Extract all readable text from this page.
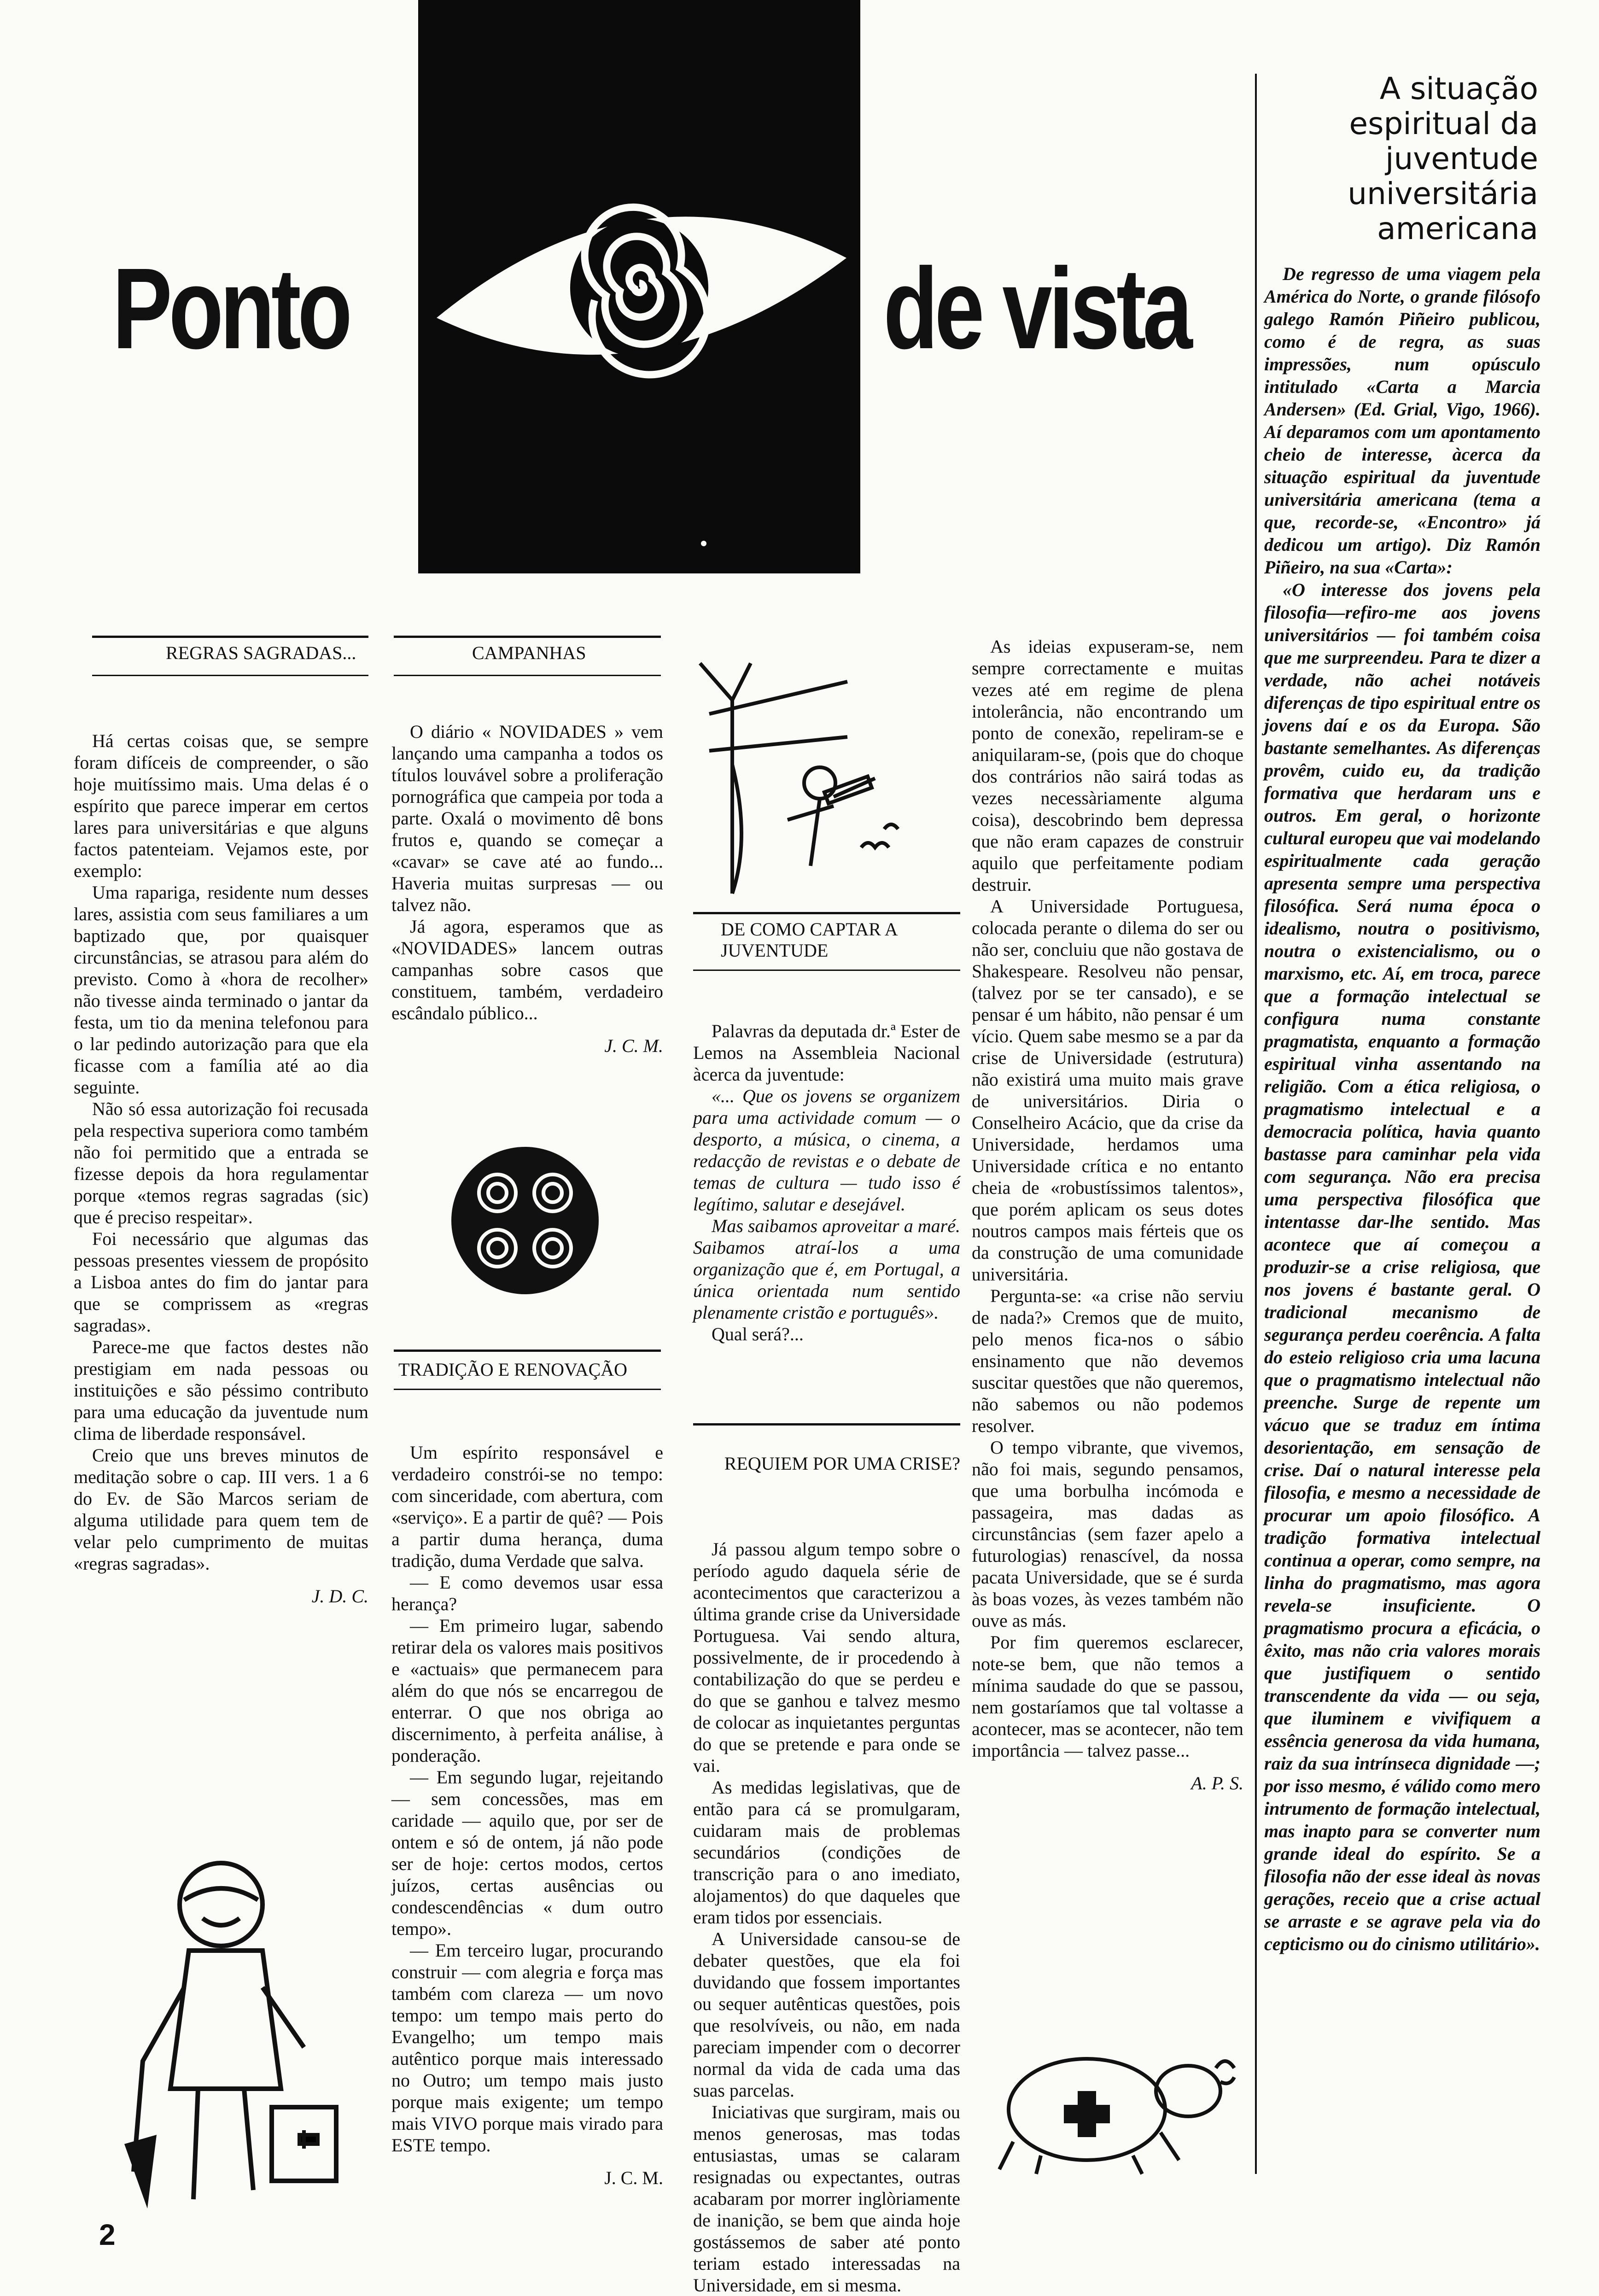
Ponto	de vista
A situação espiritual da juventude universitária americana

De regresso de uma viagem pela América do Norte, o grande filósofo galego Ramón Piñeiro publicou, como é de regra, as suas impressões, num opúsculo intitulado «Carta a Marcia Andersen» (Ed. Grial, Vigo, 1966). Aí deparamos com um apontamento cheio de interesse, àcerca da situação espiritual da juventude universitária americana (tema a que, recorde-se, «Encontro» já dedicou um artigo). Diz Ramón Piñeiro, na sua «Carta»:

«O interesse dos jovens pela filosofia—refiro-me aos jovens universitários — foi também coisa que me surpreendeu. Para te dizer a verdade, não achei notáveis diferenças de tipo espiritual entre os jovens daí e os da Europa. São bastante semelhantes. As diferenças provêm, cuido eu, da tradição formativa que herdaram uns e outros. Em geral, o horizonte cultural europeu que vai modelando espiritualmente cada geração apresenta sempre uma perspectiva filosófica. Será numa época o idealismo, noutra o positivismo, noutra o existencialismo, ou o marxismo, etc. Aí, em troca, parece que a formação intelectual se configura numa constante pragmatista, enquanto a formação espiritual vinha assentando na religião. Com a ética religiosa, o pragmatismo intelectual e a democracia política, havia quanto bastasse para caminhar pela vida com segurança. Não era precisa uma perspectiva filosófica que intentasse dar-lhe sentido. Mas acontece que aí começou a produzir-se a crise religiosa, que nos jovens é bastante geral. O tradicional mecanismo de segurança perdeu coerência. A falta do esteio religioso cria uma lacuna que o pragmatismo intelectual não preenche. Surge de repente um vácuo que se traduz em íntima desorientação, em sensação de crise. Daí o natural interesse pela filosofia, e mesmo a necessidade de procurar um apoio filosófico. A tradição formativa intelectual continua a operar, como sempre, na linha do pragmatismo, mas agora revela-se insuficiente. O pragmatismo procura a eficácia, o êxito, mas não cria valores morais que justifiquem o sentido transcendente da vida — ou seja, que iluminem e vivifiquem a essência generosa da vida humana, raiz da sua intrínseca dignidade —; por isso mesmo, é válido como mero intrumento de formação intelectual, mas inapto para se converter num grande ideal do espírito. Se a filosofia não der esse ideal às novas gerações, receio que a crise actual se arraste e se agrave pela via do cepticismo ou do cinismo utilitário».

REGRAS SAGRADAS...

Há certas coisas que, se sempre foram difíceis de compreender, o são hoje muitíssimo mais. Uma delas é o espírito que parece imperar em certos lares para universitárias e que alguns factos patenteiam. Vejamos este, por exemplo:

Uma rapariga, residente num desses lares, assistia com seus familiares a um baptizado que, por quaisquer circunstâncias, se atrasou para além do previsto. Como à «hora de recolher» não tivesse ainda terminado o jantar da festa, um tio da menina telefonou para o lar pedindo autorização para que ela ficasse com a família até ao dia seguinte.

Não só essa autorização foi recusada pela respectiva superiora como também não foi permitido que a entrada se fizesse depois da hora regulamentar porque «temos regras sagradas (sic) que é preciso respeitar».

Foi necessário que algumas das pessoas presentes viessem de propósito a Lisboa antes do fim do jantar para que se comprissem as «regras sagradas».

Parece-me que factos destes não prestigiam em nada pessoas ou instituições e são péssimo contributo para uma educação da juventude num clima de liberdade responsável.

Creio que uns breves minutos de meditação sobre o cap. III vers. 1 a 6 do Ev. de São Marcos seriam de alguma utilidade para quem tem de velar pelo cumprimento de muitas «regras sagradas».

J. D. C.

CAMPANHAS

O diário « NOVIDADES » vem lançando uma campanha a todos os títulos louvável sobre a proliferação pornográfica que campeia por toda a parte. Oxalá o movimento dê bons frutos e, quando se começar a «cavar» se cave até ao fundo... Haveria muitas surpresas — ou talvez não.

Já agora, esperamos que as «NOVIDADES» lancem outras campanhas sobre casos que constituem, também, verdadeiro escândalo público...

J. C. M.

TRADIÇÃO E RENOVAÇÃO

Um espírito responsável e verdadeiro constrói-se no tempo: com sinceridade, com abertura, com «serviço». E a partir de quê? — Pois a partir duma herança, duma tradição, duma Verdade que salva.

— E como devemos usar essa herança?

— Em primeiro lugar, sabendo retirar dela os valores mais positivos e «actuais» que permanecem para além do que nós se encarregou de enterrar. O que nos obriga ao discernimento, à perfeita análise, à ponderação.

— Em segundo lugar, rejeitando — sem concessões, mas em caridade — aquilo que, por ser de ontem e só de ontem, já não pode ser de hoje: certos modos, certos juízos, certas ausências ou condescendências « dum outro tempo».

— Em terceiro lugar, procurando construir — com alegria e força mas também com clareza — um novo tempo: um tempo mais perto do Evangelho; um tempo mais autêntico porque mais interessado no Outro; um tempo mais justo porque mais exigente; um tempo mais VIVO porque mais virado para ESTE tempo.

J. C. M.

DE COMO CAPTAR A JUVENTUDE

Palavras da deputada dr.ª Ester de Lemos na Assembleia Nacional àcerca da juventude:

«... Que os jovens se organizem para uma actividade comum — o desporto, a música, o cinema, a redacção de revistas e o debate de temas de cultura — tudo isso é legítimo, salutar e desejável.

Mas saibamos aproveitar a maré. Saibamos atraí-los a uma organização que é, em Portugal, a única orientada num sentido plenamente cristão e português».

Qual será?...

REQUIEM POR UMA CRISE?

Já passou algum tempo sobre o período agudo daquela série de acontecimentos que caracterizou a última grande crise da Universidade Portuguesa. Vai sendo altura, possivelmente, de ir procedendo à contabilização do que se perdeu e do que se ganhou e talvez mesmo de colocar as inquietantes perguntas do que se pretende e para onde se vai.

As medidas legislativas, que de então para cá se promulgaram, cuidaram mais de problemas secundários (condições de transcrição para o ano imediato, alojamentos) do que daqueles que eram tidos por essenciais.

A Universidade cansou-se de debater questões, que ela foi duvidando que fossem importantes ou sequer autênticas questões, pois que resolvíveis, ou não, em nada pareciam impender com o decorrer normal da vida de cada uma das suas parcelas.

Iniciativas que surgiram, mais ou menos generosas, mas todas entusiastas, umas se calaram resignadas ou expectantes, outras acabaram por morrer inglòriamente de inanição, se bem que ainda hoje gostássemos de saber até ponto teriam estado interessadas na Universidade, em si mesma.

As ideias expuseram-se, nem sempre correctamente e muitas vezes até em regime de plena intolerância, não encontrando um ponto de conexão, repeliram-se e aniquilaram-se, (pois que do choque dos contrários não sairá todas as vezes necessàriamente alguma coisa), descobrindo bem depressa que não eram capazes de construir aquilo que perfeitamente podiam destruir.

A Universidade Portuguesa, colocada perante o dilema do ser ou não ser, concluiu que não gostava de Shakespeare. Resolveu não pensar, (talvez por se ter cansado), e se pensar é um hábito, não pensar é um vício. Quem sabe mesmo se a par da crise de Universidade (estrutura) não existirá uma muito mais grave de universitários. Diria o Conselheiro Acácio, que da crise da Universidade, herdamos uma Universidade crítica e no entanto cheia de «robustíssimos talentos», que porém aplicam os seus dotes noutros campos mais férteis que os da construção de uma comunidade universitária.

Pergunta-se: «a crise não serviu de nada?» Cremos que de muito, pelo menos fica-nos o sábio ensinamento que não devemos suscitar questões que não queremos, não sabemos ou não podemos resolver.

O tempo vibrante, que vivemos, não foi mais, segundo pensamos, que uma borbulha incómoda e passageira, mas dadas as circunstâncias (sem fazer apelo a futurologias) renascível, da nossa pacata Universidade, que se é surda às boas vozes, às vezes também não ouve as más.

Por fim queremos esclarecer, note-se bem, que não temos a mínima saudade do que se passou, nem gostaríamos que tal voltasse a acontecer, mas se acontecer, não tem importância — talvez passe...

A. P. S.

2
